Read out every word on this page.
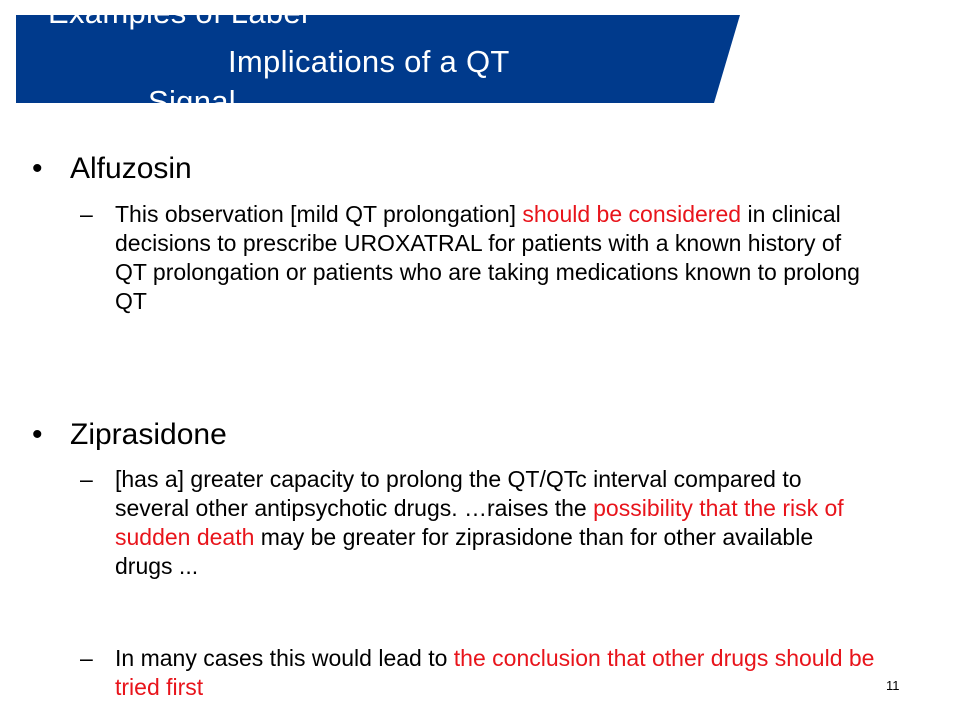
Examples of Label
Implications of a QT
Signal
• Alfuzosin
– This observation [mild QT prolongation] should be considered in clinical decisions to prescribe UROXATRAL for patients with a known history of QT prolongation or patients who are taking medications known to prolong QT
• Ziprasidone
– [has a] greater capacity to prolong the QT/QTc interval compared to several other antipsychotic drugs. …raises the possibility that the risk of sudden death may be greater for ziprasidone than for other available drugs ...
– In many cases this would lead to the conclusion that other drugs should be tried first	11
